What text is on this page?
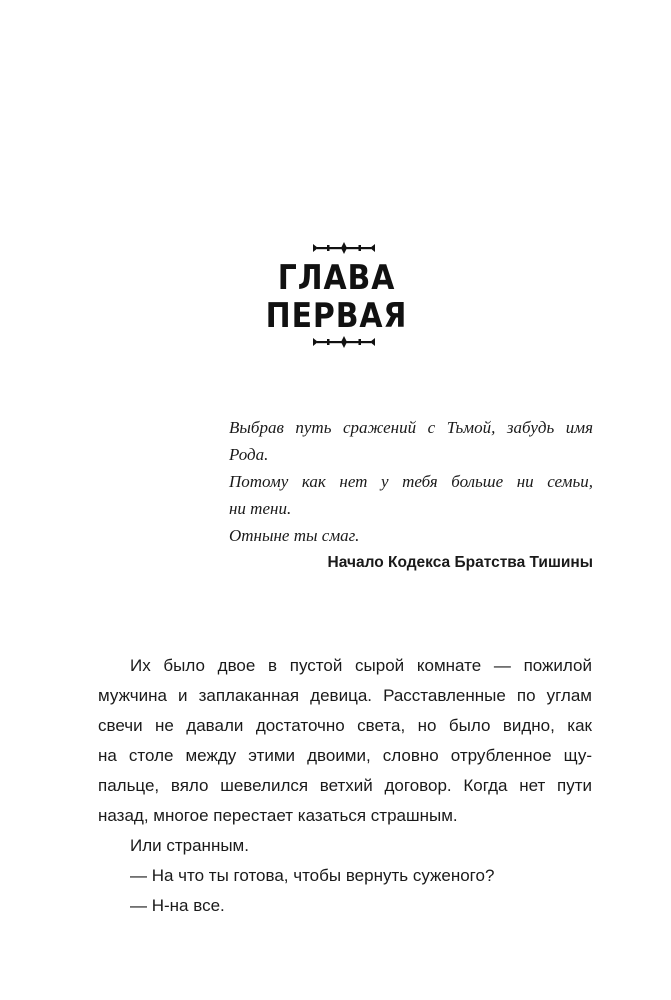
ГЛАВА
ПЕРВАЯ

Выбрав путь сражений с Тьмой, забудь имя

Рода.

Потому как нет у тебя больше ни семьи,

ни тени.

Отныне ты смаг.

Начало Кодекса Братства Тишины

Их было двое в пустой сырой комнате — пожилой
мужчина и заплаканная девица. Расставленные по углам
свечи не давали достаточно света, но было видно, как
на столе между этими двоими, словно отрубленное щу-
пальце, вяло шевелился ветхий договор. Когда нет пути
назад, многое перестает казаться страшным.
Или странным.
— На что ты готова, чтобы вернуть суженого?
— Н-на все.
